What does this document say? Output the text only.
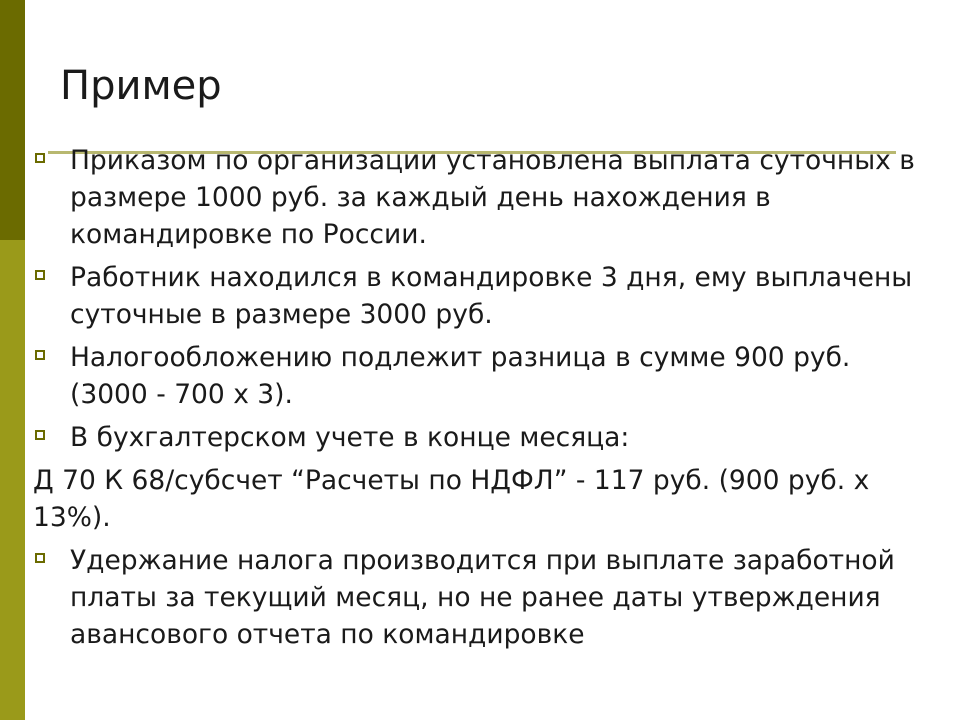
Пример
Приказом по организации установлена выплата суточных в размере 1000 руб. за каждый день нахождения в командировке по России.
Работник находился в командировке 3 дня, ему выплачены суточные в размере 3000 руб.
Налогообложению подлежит разница в сумме 900 руб. (3000 - 700 х 3).
В бухгалтерском учете в конце месяца:
Д 70 К 68/субсчет “Расчеты по НДФЛ” - 117 руб. (900 руб. х 13%).
Удержание налога производится при выплате заработной платы за текущий месяц, но не ранее даты утверждения авансового отчета по командировке
